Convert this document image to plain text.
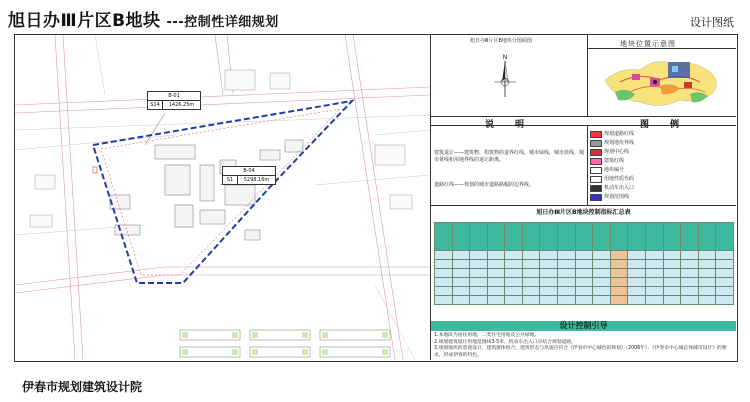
旭日办Ⅲ片区B地块 ---控制性详细规划	设计图纸
B-01
S14	1426.25m
B-04
S1	5298.16m
旭日办Ⅲ片区B地块分图面图
N
地块位置示意图
说　明	图　例
建筑退让——建筑物、构筑物的退界红线，城市绿线，城市蓝线，城市黄线和用地界线的退让距离。
道路红线——规划的城市道路路幅的边界线。
规划道路红线
规划地块界线
规划中心线
建筑红线
地块编号
用地性质代码
机动车出入口
规划范围线
旭日办Ⅲ片区B地块控制指标汇总表

设计控制引导
1.本地段为居住用地，二类住宅用地及公共绿地。
2.规划建筑退让用地范围线3-5米，机动车出入口应结合规划道路。
3.规划地块的景观设计、建筑群体组合，建筑形态与风貌应符合《伊春市中心城色彩规划》（2006年）、《伊春市中心城总体城市设计》的要求，形成伊春的特色。
伊春市规划建筑设计院
